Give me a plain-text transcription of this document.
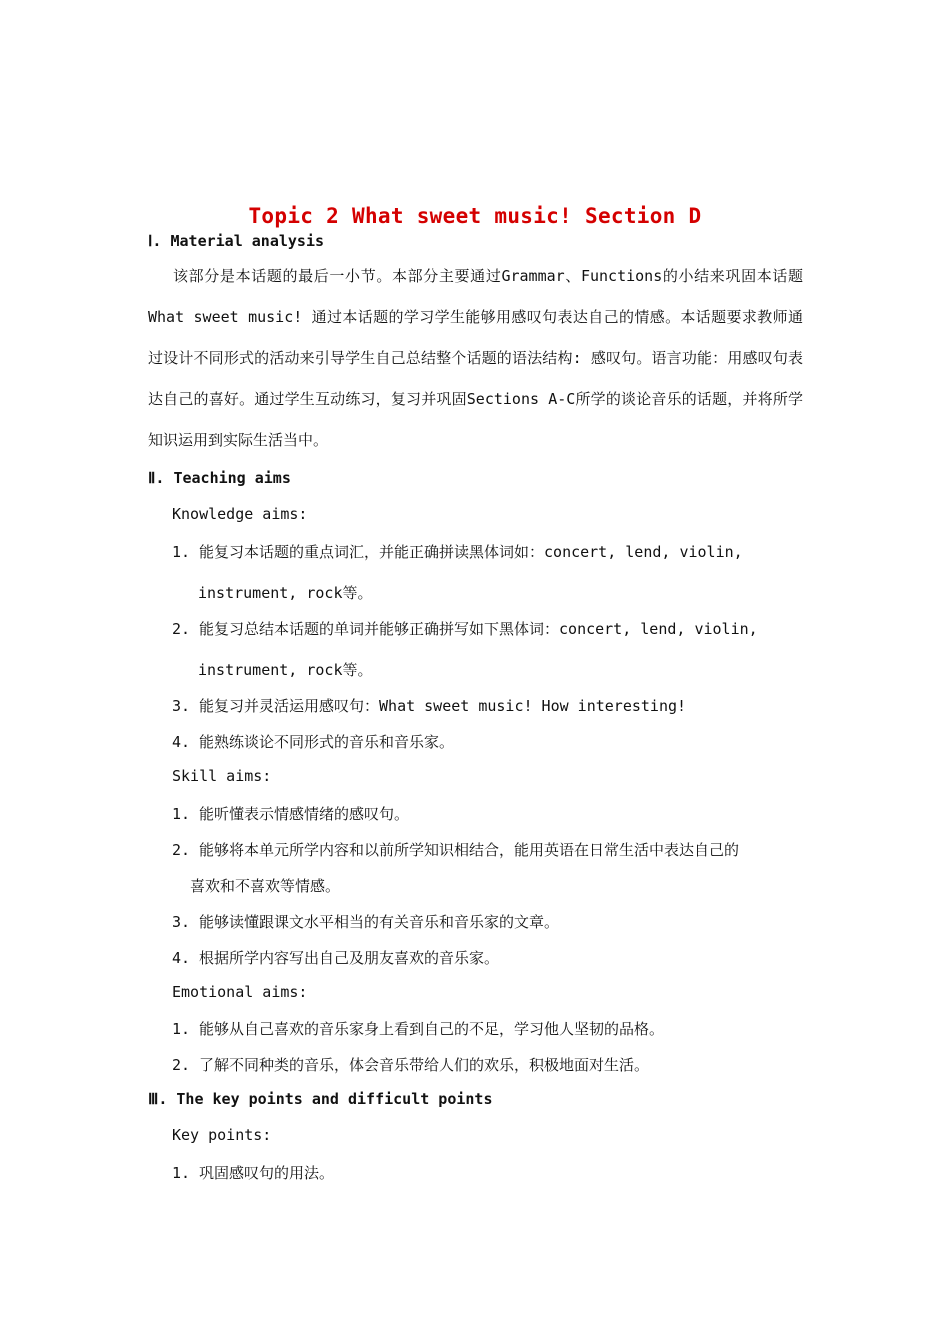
Topic 2 What sweet music! Section D
Ⅰ. Material analysis
该部分是本话题的最后一小节。本部分主要通过Grammar、Functions的小结来巩固本话题What sweet music! 通过本话题的学习学生能够用感叹句表达自己的情感。本话题要求教师通过设计不同形式的活动来引导学生自己总结整个话题的语法结构: 感叹句。语言功能：用感叹句表达自己的喜好。通过学生互动练习，复习并巩固Sections A-C所学的谈论音乐的话题，并将所学知识运用到实际生活当中。
Ⅱ. Teaching aims
Knowledge aims:
1. 能复习本话题的重点词汇，并能正确拼读黑体词如：concert, lend, violin,
instrument, rock等。
2. 能复习总结本话题的单词并能够正确拼写如下黑体词：concert, lend, violin,
instrument, rock等。
3. 能复习并灵活运用感叹句：What sweet music! How interesting!
4. 能熟练谈论不同形式的音乐和音乐家。
Skill aims:
1. 能听懂表示情感情绪的感叹句。
2. 能够将本单元所学内容和以前所学知识相结合，能用英语在日常生活中表达自己的
喜欢和不喜欢等情感。
3. 能够读懂跟课文水平相当的有关音乐和音乐家的文章。
4. 根据所学内容写出自己及朋友喜欢的音乐家。
Emotional aims:
1. 能够从自己喜欢的音乐家身上看到自己的不足，学习他人坚韧的品格。
2. 了解不同种类的音乐，体会音乐带给人们的欢乐，积极地面对生活。
Ⅲ. The key points and difficult points
Key points:
1. 巩固感叹句的用法。
